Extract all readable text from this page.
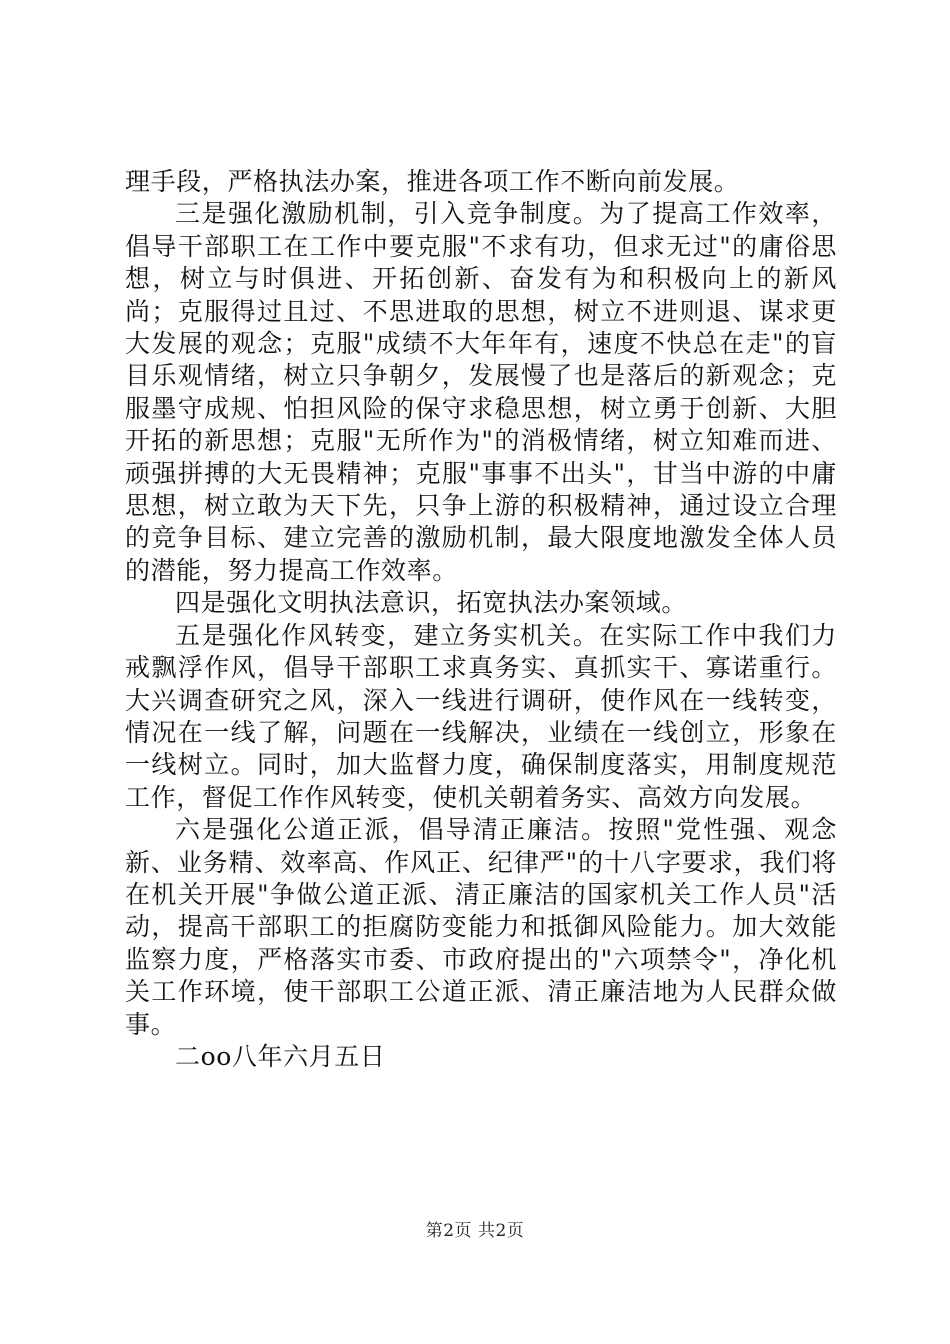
理手段，严格执法办案，推进各项工作不断向前发展。

三是强化激励机制，引入竞争制度。为了提高工作效率，倡导干部职工在工作中要克服"不求有功，但求无过"的庸俗思想，树立与时俱进、开拓创新、奋发有为和积极向上的新风尚；克服得过且过、不思进取的思想，树立不进则退、谋求更大发展的观念；克服"成绩不大年年有，速度不快总在走"的盲目乐观情绪，树立只争朝夕，发展慢了也是落后的新观念；克服墨守成规、怕担风险的保守求稳思想，树立勇于创新、大胆开拓的新思想；克服"无所作为"的消极情绪，树立知难而进、顽强拼搏的大无畏精神；克服"事事不出头"，甘当中游的中庸思想，树立敢为天下先，只争上游的积极精神，通过设立合理的竞争目标、建立完善的激励机制，最大限度地激发全体人员的潜能，努力提高工作效率。

四是强化文明执法意识，拓宽执法办案领域。

五是强化作风转变，建立务实机关。在实际工作中我们力戒飘浮作风，倡导干部职工求真务实、真抓实干、寡诺重行。大兴调查研究之风，深入一线进行调研，使作风在一线转变，情况在一线了解，问题在一线解决，业绩在一线创立，形象在一线树立。同时，加大监督力度，确保制度落实，用制度规范工作，督促工作作风转变，使机关朝着务实、高效方向发展。

六是强化公道正派，倡导清正廉洁。按照"党性强、观念新、业务精、效率高、作风正、纪律严"的十八字要求，我们将在机关开展"争做公道正派、清正廉洁的国家机关工作人员"活动，提高干部职工的拒腐防变能力和抵御风险能力。加大效能监察力度，严格落实市委、市政府提出的"六项禁令"，净化机关工作环境，使干部职工公道正派、清正廉洁地为人民群众做事。

二oo八年六月五日

第2页 共2页
